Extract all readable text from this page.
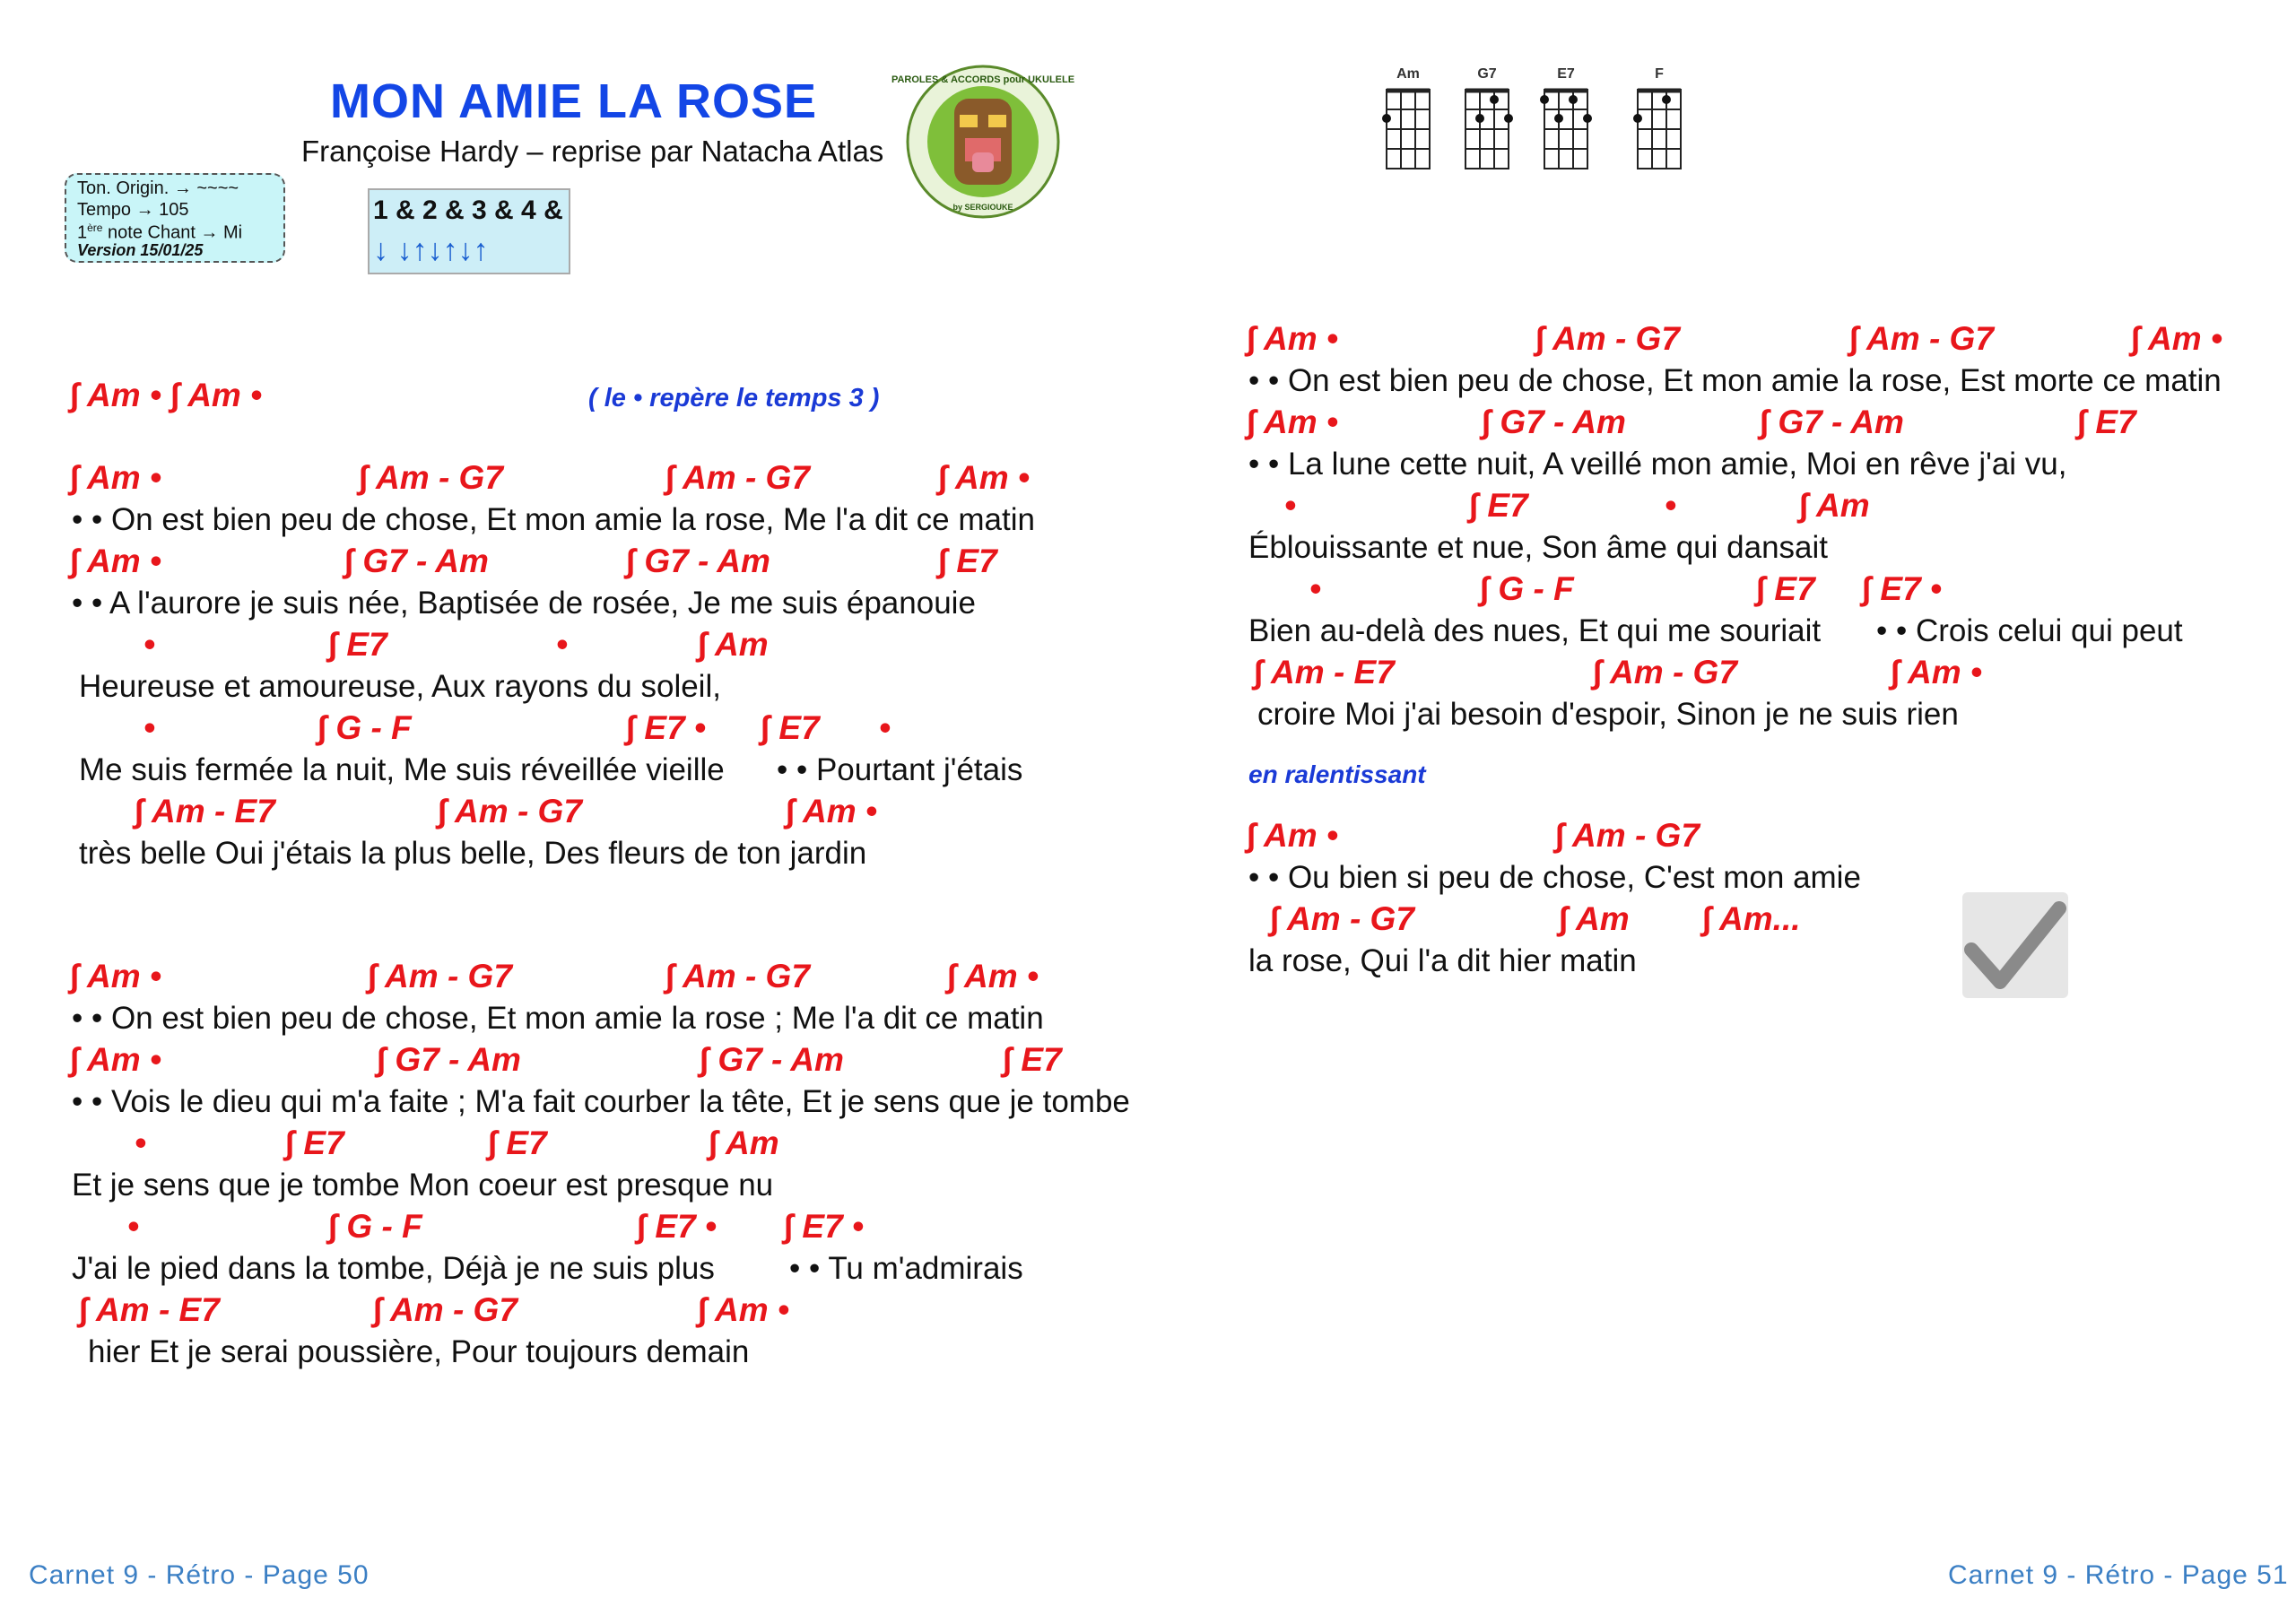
MON AMIE LA ROSE
Françoise Hardy – reprise par Natacha Atlas
Ton. Origin. → ~~~~
Tempo → 105
1ère note Chant → Mi
Version 15/01/25
1 & 2 & 3 & 4 &
↓ ↓↑↓↑↓↑
PAROLES & ACCORDS pour UKULELE
by SERGIOUKE
Am	G7	E7	F
∫ Am • ∫ Am •	( le • repère le temps 3 )
∫ Am •	∫ Am - G7	∫ Am - G7	∫ Am •
• • On est bien peu de chose, Et mon amie la rose, Me l'a dit ce matin
∫ Am •	∫ G7 - Am	∫ G7 - Am	∫ E7
• • A l'aurore je suis née, Baptisée de rosée, Je me suis épanouie
•	∫ E7	•	∫ Am
Heureuse et amoureuse, Aux rayons du soleil,
•	∫ G - F	∫ E7 • ∫ E7 •
Me suis fermée la nuit, Me suis réveillée vieille • • Pourtant j'étais
∫ Am - E7	∫ Am - G7	∫ Am •
très belle Oui j'étais la plus belle, Des fleurs de ton jardin
∫ Am •	∫ Am - G7	∫ Am - G7	∫ Am •
• • On est bien peu de chose, Et mon amie la rose ; Me l'a dit ce matin
∫ Am •	∫ G7 - Am	∫ G7 - Am	∫ E7
• • Vois le dieu qui m'a faite ; M'a fait courber la tête, Et je sens que je tombe
•	∫ E7	∫ E7	∫ Am
Et je sens que je tombe Mon coeur est presque nu
•	∫ G - F	∫ E7 • ∫ E7 •
J'ai le pied dans la tombe, Déjà je ne suis plus • • Tu m'admirais
∫ Am - E7	∫ Am - G7	∫ Am •
hier Et je serai poussière, Pour toujours demain
Carnet 9 - Rétro - Page 50
∫ Am •	∫ Am - G7	∫ Am - G7	∫ Am •
• • On est bien peu de chose, Et mon amie la rose, Est morte ce matin
∫ Am •	∫ G7 - Am	∫ G7 - Am	∫ E7
• • La lune cette nuit, A veillé mon amie, Moi en rêve j'ai vu,
•	∫ E7	•	∫ Am
Éblouissante et nue, Son âme qui dansait
•	∫ G - F	∫ E7 ∫ E7 •
Bien au-delà des nues, Et qui me souriait • • Crois celui qui peut
∫ Am - E7	∫ Am - G7	∫ Am •
croire Moi j'ai besoin d'espoir, Sinon je ne suis rien
en ralentissant
∫ Am •	∫ Am - G7
• • Ou bien si peu de chose, C'est mon amie
∫ Am - G7	∫ Am ∫ Am...
la rose, Qui l'a dit hier matin
Carnet 9 - Rétro - Page 51
